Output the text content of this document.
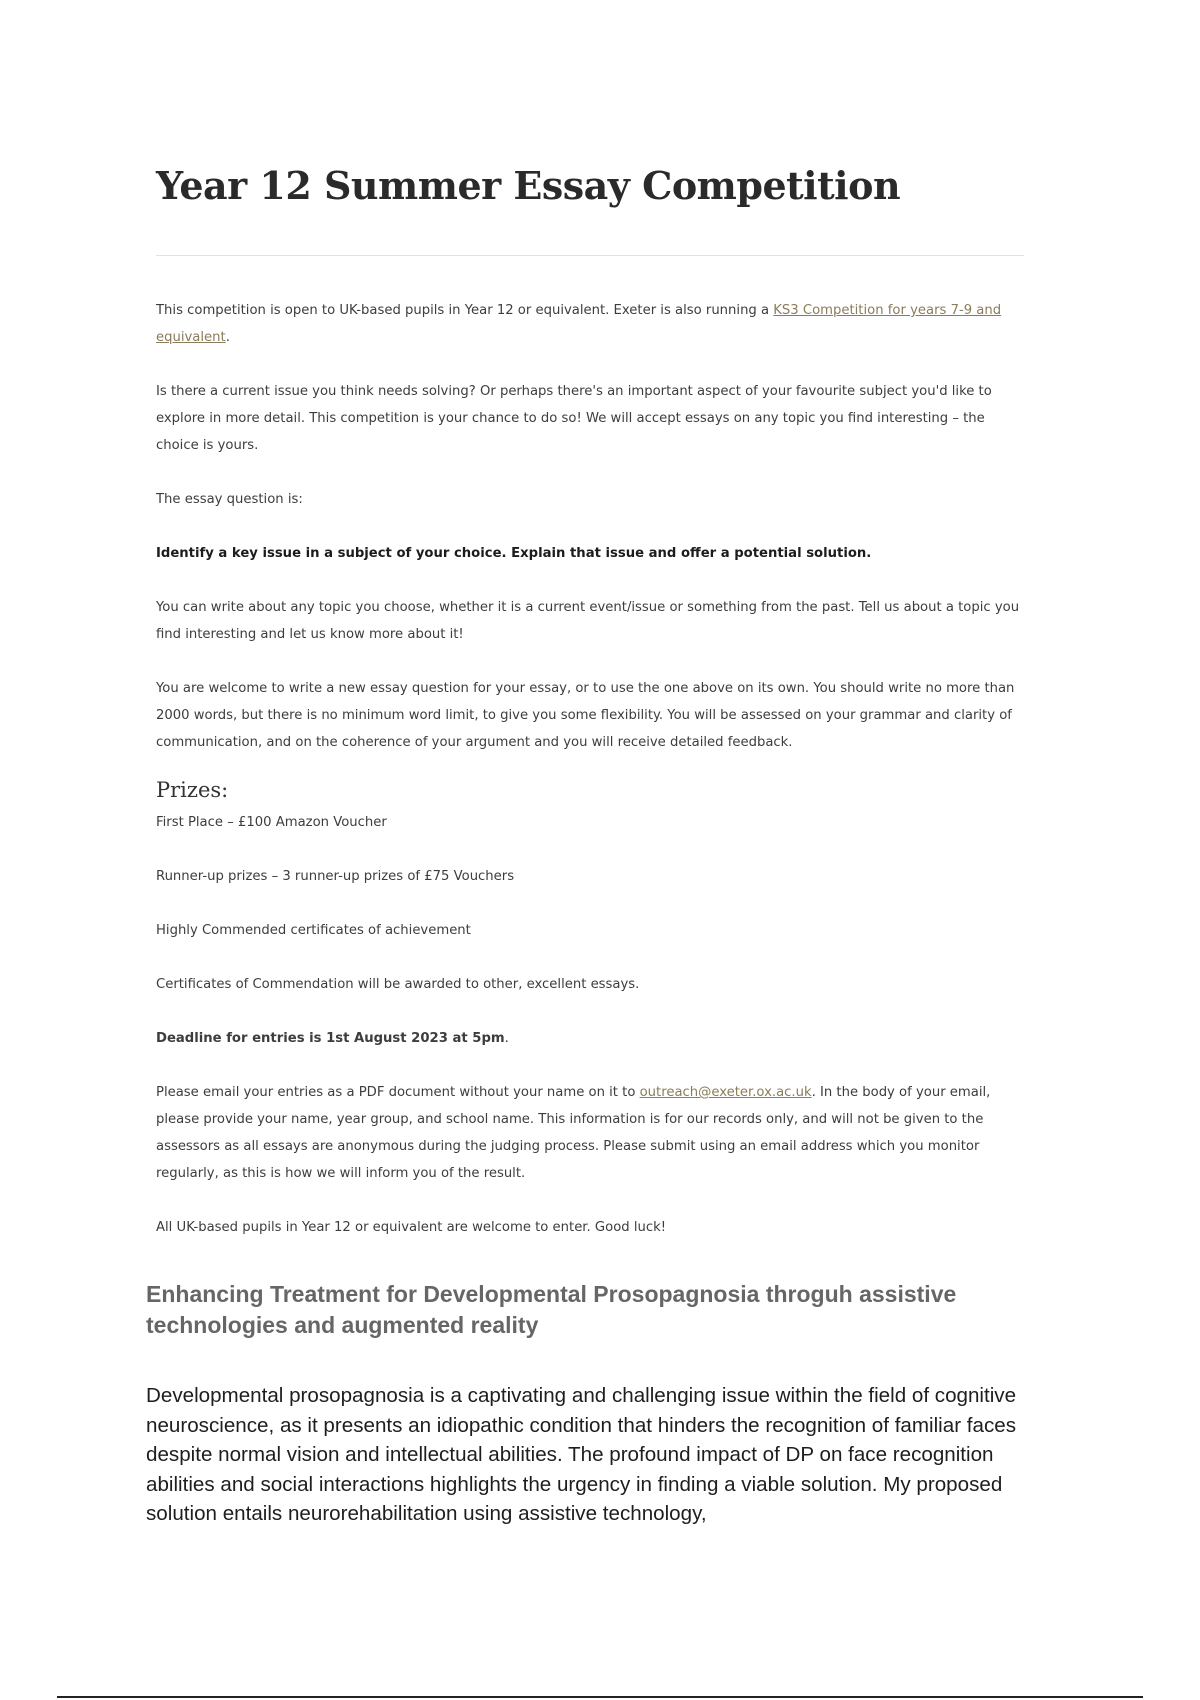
Year 12 Summer Essay Competition

This competition is open to UK-based pupils in Year 12 or equivalent. Exeter is also running a KS3 Competition for years 7-9 and equivalent.

Is there a current issue you think needs solving? Or perhaps there's an important aspect of your favourite subject you'd like to explore in more detail. This competition is your chance to do so! We will accept essays on any topic you find interesting – the choice is yours.

The essay question is:

Identify a key issue in a subject of your choice. Explain that issue and offer a potential solution.

You can write about any topic you choose, whether it is a current event/issue or something from the past. Tell us about a topic you find interesting and let us know more about it!

You are welcome to write a new essay question for your essay, or to use the one above on its own. You should write no more than 2000 words, but there is no minimum word limit, to give you some flexibility. You will be assessed on your grammar and clarity of communication, and on the coherence of your argument and you will receive detailed feedback.

Prizes:

First Place – £100 Amazon Voucher

Runner-up prizes – 3 runner-up prizes of £75 Vouchers

Highly Commended certificates of achievement

Certificates of Commendation will be awarded to other, excellent essays.

Deadline for entries is 1st August 2023 at 5pm.

Please email your entries as a PDF document without your name on it to outreach@exeter.ox.ac.uk. In the body of your email, please provide your name, year group, and school name. This information is for our records only, and will not be given to the assessors as all essays are anonymous during the judging process. Please submit using an email address which you monitor regularly, as this is how we will inform you of the result.

All UK-based pupils in Year 12 or equivalent are welcome to enter. Good luck!

Enhancing Treatment for Developmental Prosopagnosia throguh assistive technologies and augmented reality

Developmental prosopagnosia is a captivating and challenging issue within the field of cognitive neuroscience, as it presents an idiopathic condition that hinders the recognition of familiar faces despite normal vision and intellectual abilities. The profound impact of DP on face recognition abilities and social interactions highlights the urgency in finding a viable solution. My proposed solution entails neurorehabilitation using assistive technology,
